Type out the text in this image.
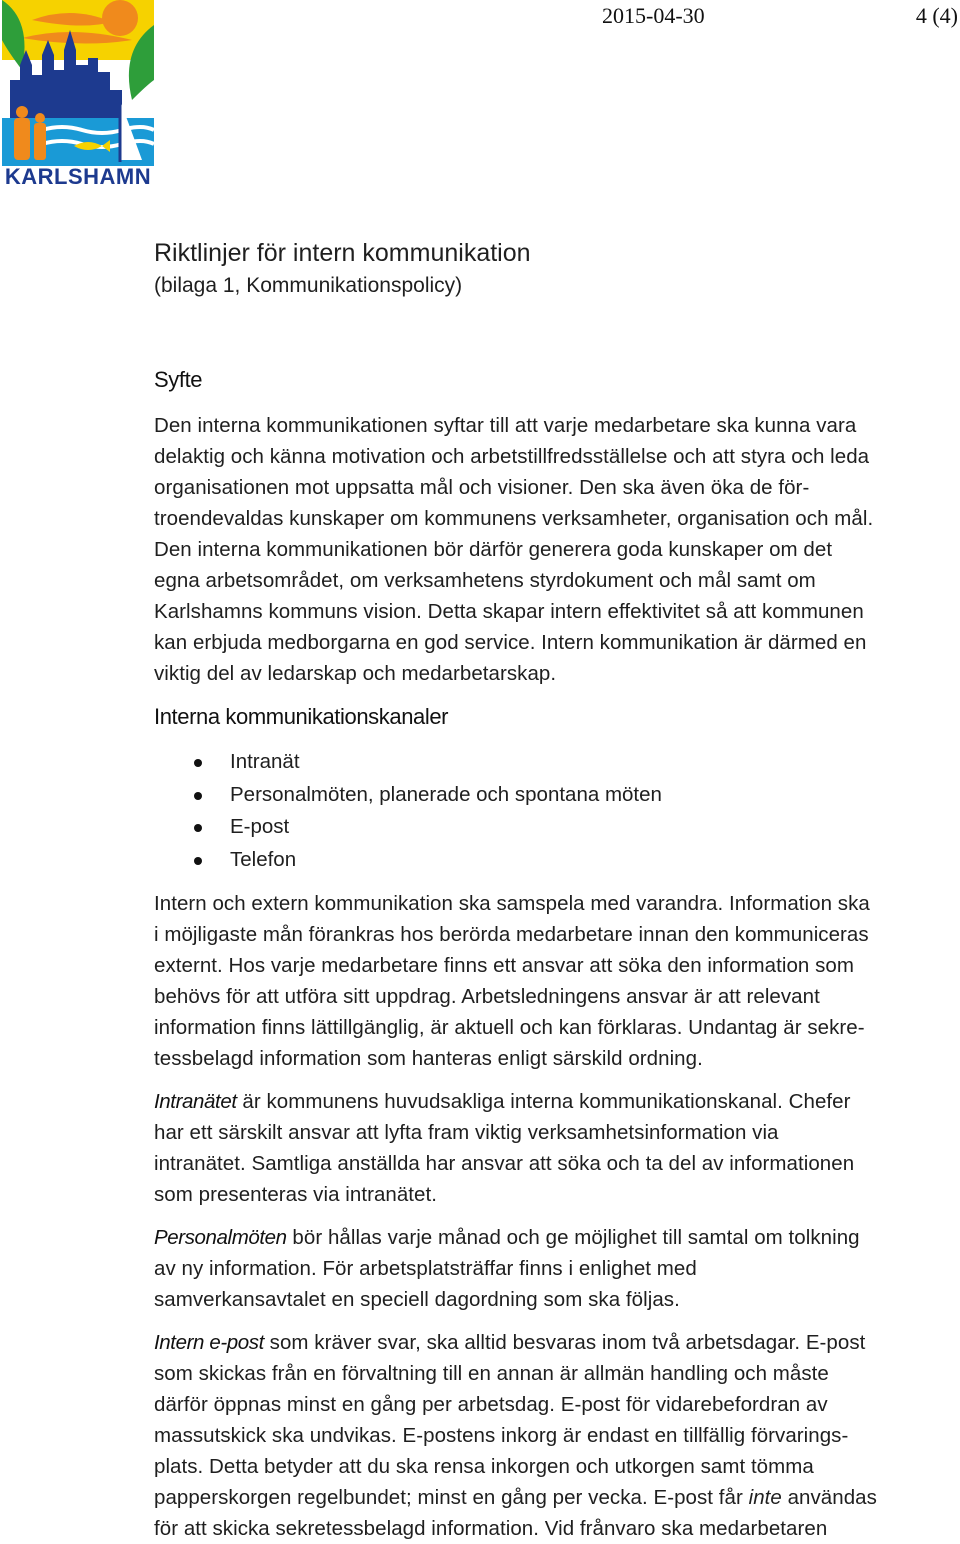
KARLSHAMN
2015-04-30	4 (4)
Riktlinjer för intern kommunikation

(bilaga 1, Kommunikationspolicy)

Syfte

Den interna kommunikationen syftar till att varje medarbetare ska kunna vara
delaktig och känna motivation och arbetstillfredsställelse och att styra och leda
organisationen mot uppsatta mål och visioner. Den ska även öka de för-
troendevaldas kunskaper om kommunens verksamheter, organisation och mål.
Den interna kommunikationen bör därför generera goda kunskaper om det
egna arbetsområdet, om verksamhetens styrdokument och mål samt om
Karlshamns kommuns vision. Detta skapar intern effektivitet så att kommunen
kan erbjuda medborgarna en god service. Intern kommunikation är därmed en
viktig del av ledarskap och medarbetarskap.

Interna kommunikationskanaler
Intranät
Personalmöten, planerade och spontana möten
E-post
Telefon

Intern och extern kommunikation ska samspela med varandra. Information ska
i möjligaste mån förankras hos berörda medarbetare innan den kommuniceras
externt. Hos varje medarbetare finns ett ansvar att söka den information som
behövs för att utföra sitt uppdrag. Arbetsledningens ansvar är att relevant
information finns lättillgänglig, är aktuell och kan förklaras. Undantag är sekre-
tessbelagd information som hanteras enligt särskild ordning.

Intranätet är kommunens huvudsakliga interna kommunikationskanal. Chefer
har ett särskilt ansvar att lyfta fram viktig verksamhetsinformation via
intranätet. Samtliga anställda har ansvar att söka och ta del av informationen
som presenteras via intranätet.

Personalmöten bör hållas varje månad och ge möjlighet till samtal om tolkning
av ny information. För arbetsplatsträffar finns i enlighet med
samverkansavtalet en speciell dagordning som ska följas.

Intern e-post som kräver svar, ska alltid besvaras inom två arbetsdagar. E-post
som skickas från en förvaltning till en annan är allmän handling och måste
därför öppnas minst en gång per arbetsdag. E-post för vidarebefordran av
massutskick ska undvikas. E-postens inkorg är endast en tillfällig förvarings-
plats. Detta betyder att du ska rensa inkorgen och utkorgen samt tömma
papperskorgen regelbundet; minst en gång per vecka. E-post får inte användas
för att skicka sekretessbelagd information. Vid frånvaro ska medarbetaren
